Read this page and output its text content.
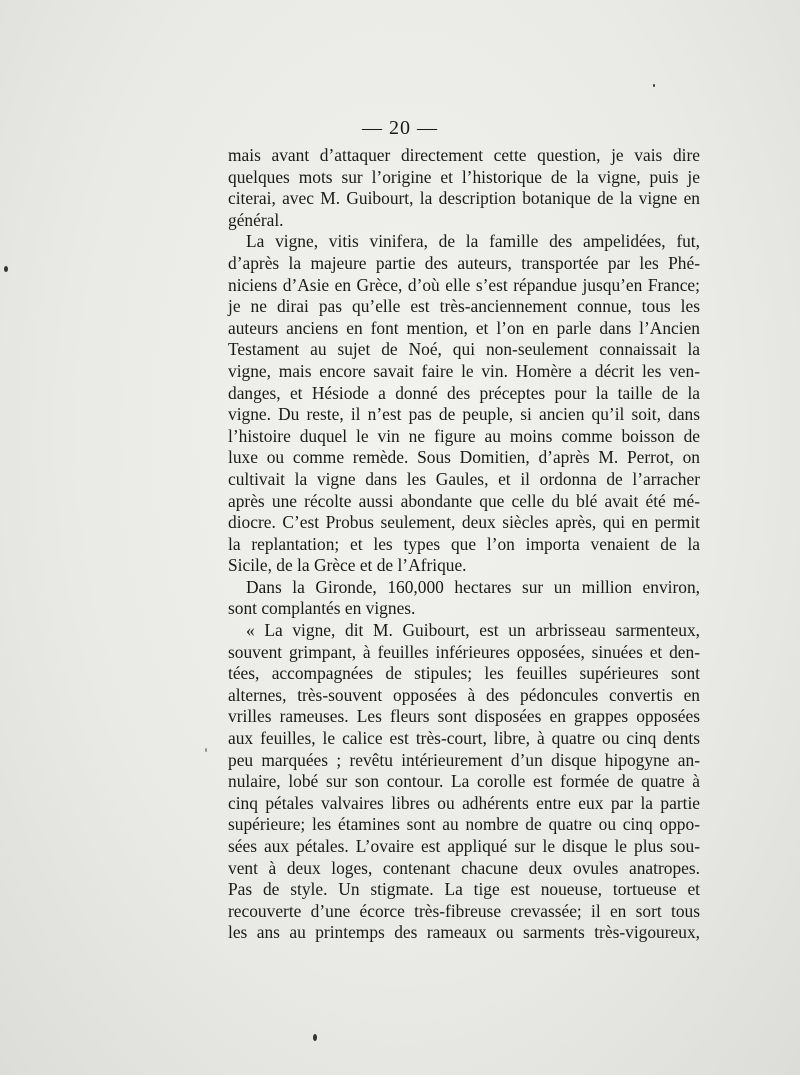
— 20 —
mais avant d’attaquer directement cette question, je vais dire
quelques mots sur l’origine et l’historique de la vigne, puis je
citerai, avec M. Guibourt, la description botanique de la vigne en
général.
La vigne, vitis vinifera, de la famille des ampelidées, fut,
d’après la majeure partie des auteurs, transportée par les Phé-
niciens d’Asie en Grèce, d’où elle s’est répandue jusqu’en France;
je ne dirai pas qu’elle est très-anciennement connue, tous les
auteurs anciens en font mention, et l’on en parle dans l’Ancien
Testament au sujet de Noé, qui non-seulement connaissait la
vigne, mais encore savait faire le vin. Homère a décrit les ven-
danges, et Hésiode a donné des préceptes pour la taille de la
vigne. Du reste, il n’est pas de peuple, si ancien qu’il soit, dans
l’histoire duquel le vin ne figure au moins comme boisson de
luxe ou comme remède. Sous Domitien, d’après M. Perrot, on
cultivait la vigne dans les Gaules, et il ordonna de l’arracher
après une récolte aussi abondante que celle du blé avait été mé-
diocre. C’est Probus seulement, deux siècles après, qui en permit
la replantation; et les types que l’on importa venaient de la
Sicile, de la Grèce et de l’Afrique.
Dans la Gironde, 160,000 hectares sur un million environ,
sont complantés en vignes.
« La vigne, dit M. Guibourt, est un arbrisseau sarmenteux,
souvent grimpant, à feuilles inférieures opposées, sinuées et den-
tées, accompagnées de stipules; les feuilles supérieures sont
alternes, très-souvent opposées à des pédoncules convertis en
vrilles rameuses. Les fleurs sont disposées en grappes opposées
aux feuilles, le calice est très-court, libre, à quatre ou cinq dents
peu marquées ; revêtu intérieurement d’un disque hipogyne an-
nulaire, lobé sur son contour. La corolle est formée de quatre à
cinq pétales valvaires libres ou adhérents entre eux par la partie
supérieure; les étamines sont au nombre de quatre ou cinq oppo-
sées aux pétales. L’ovaire est appliqué sur le disque le plus sou-
vent à deux loges, contenant chacune deux ovules anatropes.
Pas de style. Un stigmate. La tige est noueuse, tortueuse et
recouverte d’une écorce très-fibreuse crevassée; il en sort tous
les ans au printemps des rameaux ou sarments très-vigoureux,
